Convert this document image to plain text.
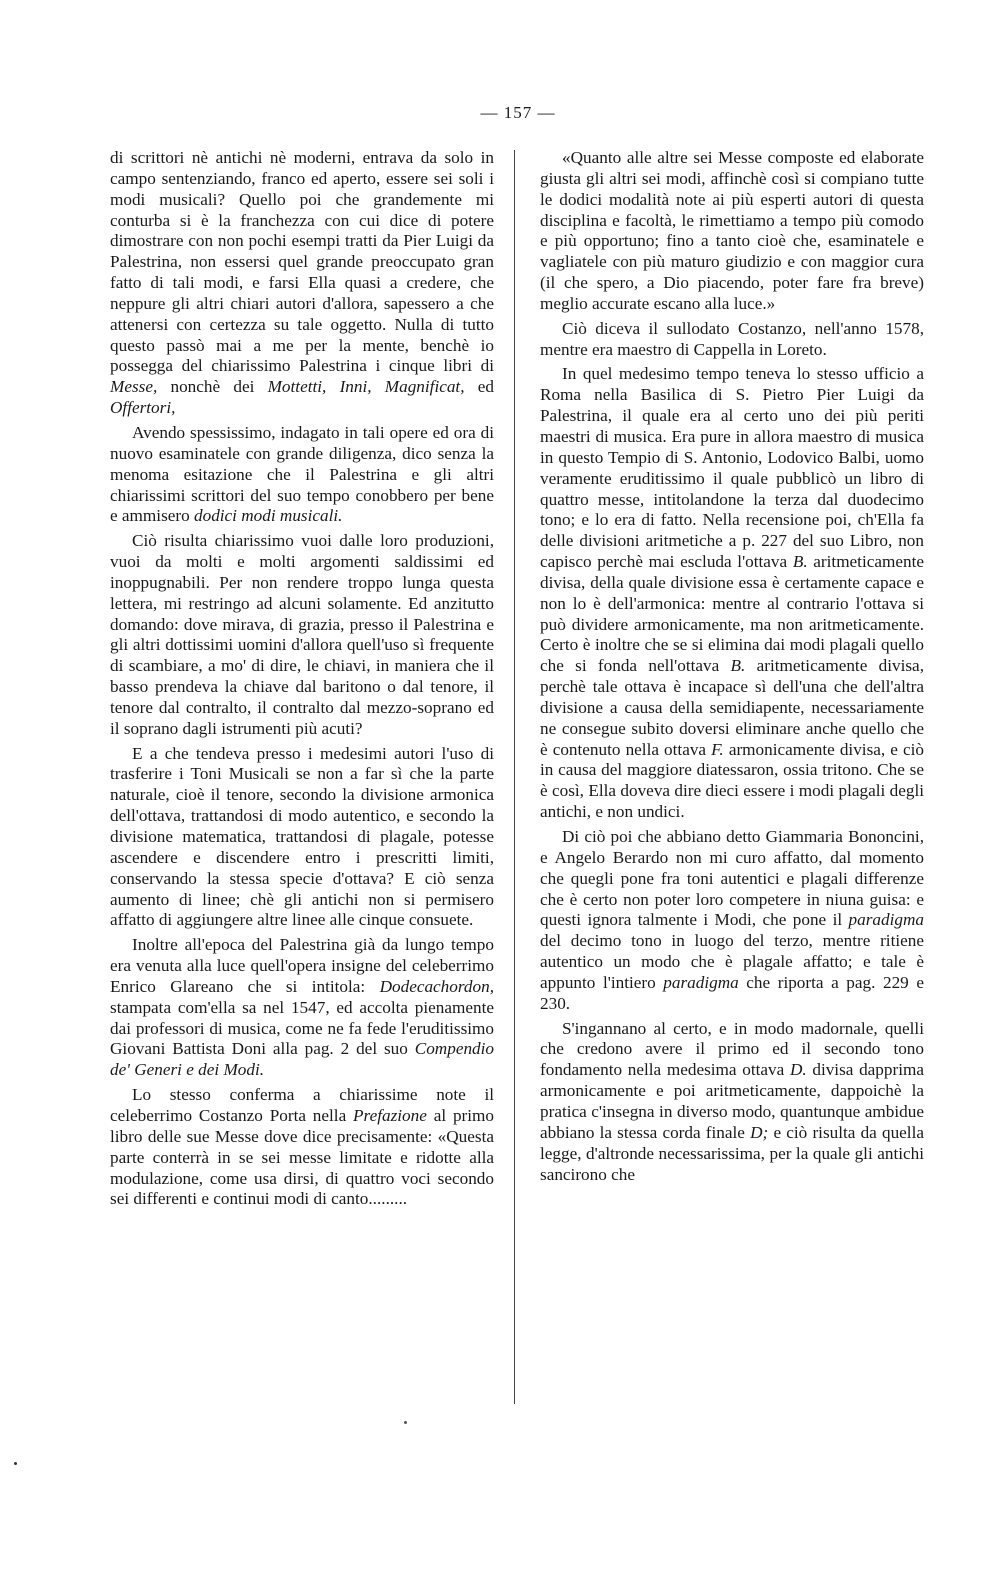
— 157 —

di scrittori nè antichi nè moderni, entrava da solo in campo sentenziando, franco ed aperto, essere sei soli i modi musicali? Quello poi che grandemente mi conturba si è la franchezza con cui dice di potere dimostrare con non pochi esempi tratti da Pier Luigi da Palestrina, non essersi quel grande preoccupato gran fatto di tali modi, e farsi Ella quasi a credere, che neppure gli altri chiari autori d'allora, sapessero a che attenersi con certezza su tale oggetto. Nulla di tutto questo passò mai a me per la mente, benchè io possegga del chiarissimo Palestrina i cinque libri di Messe, nonchè dei Mottetti, Inni, Magnificat, ed Offertori,

Avendo spessissimo, indagato in tali opere ed ora di nuovo esaminatele con grande diligenza, dico senza la menoma esitazione che il Palestrina e gli altri chiarissimi scrittori del suo tempo conobbero per bene e ammisero dodici modi musicali.

Ciò risulta chiarissimo vuoi dalle loro produzioni, vuoi da molti e molti argomenti saldissimi ed inoppugnabili. Per non rendere troppo lunga questa lettera, mi restringo ad alcuni solamente. Ed anzitutto domando: dove mirava, di grazia, presso il Palestrina e gli altri dottissimi uomini d'allora quell'uso sì frequente di scambiare, a mo' di dire, le chiavi, in maniera che il basso prendeva la chiave dal baritono o dal tenore, il tenore dal contralto, il contralto dal mezzo-soprano ed il soprano dagli istrumenti più acuti?

E a che tendeva presso i medesimi autori l'uso di trasferire i Toni Musicali se non a far sì che la parte naturale, cioè il tenore, secondo la divisione armonica dell'ottava, trattandosi di modo autentico, e secondo la divisione matematica, trattandosi di plagale, potesse ascendere e discendere entro i prescritti limiti, conservando la stessa specie d'ottava? E ciò senza aumento di linee; chè gli antichi non si permisero affatto di aggiungere altre linee alle cinque consuete.

Inoltre all'epoca del Palestrina già da lungo tempo era venuta alla luce quell'opera insigne del celeberrimo Enrico Glareano che si intitola: Dodecachordon, stampata com'ella sa nel 1547, ed accolta pienamente dai professori di musica, come ne fa fede l'eruditissimo Giovani Battista Doni alla pag. 2 del suo Compendio de' Generi e dei Modi.

Lo stesso conferma a chiarissime note il celeberrimo Costanzo Porta nella Prefazione al primo libro delle sue Messe dove dice precisamente: «Questa parte conterrà in se sei messe limitate e ridotte alla modulazione, come usa dirsi, di quattro voci secondo sei differenti e continui modi di canto.........

«Quanto alle altre sei Messe composte ed elaborate giusta gli altri sei modi, affinchè così si compiano tutte le dodici modalità note ai più esperti autori di questa disciplina e facoltà, le rimettiamo a tempo più comodo e più opportuno; fino a tanto cioè che, esaminatele e vagliatele con più maturo giudizio e con maggior cura (il che spero, a Dio piacendo, poter fare fra breve) meglio accurate escano alla luce.»

Ciò diceva il sullodato Costanzo, nell'anno 1578, mentre era maestro di Cappella in Loreto.

In quel medesimo tempo teneva lo stesso ufficio a Roma nella Basilica di S. Pietro Pier Luigi da Palestrina, il quale era al certo uno dei più periti maestri di musica. Era pure in allora maestro di musica in questo Tempio di S. Antonio, Lodovico Balbi, uomo veramente eruditissimo il quale pubblicò un libro di quattro messe, intitolandone la terza dal duodecimo tono; e lo era di fatto. Nella recensione poi, ch'Ella fa delle divisioni aritmetiche a p. 227 del suo Libro, non capisco perchè mai escluda l'ottava B. aritmeticamente divisa, della quale divisione essa è certamente capace e non lo è dell'armonica: mentre al contrario l'ottava si può dividere armonicamente, ma non aritmeticamente. Certo è inoltre che se si elimina dai modi plagali quello che si fonda nell'ottava B. aritmeticamente divisa, perchè tale ottava è incapace sì dell'una che dell'altra divisione a causa della semidiapente, necessariamente ne consegue subito doversi eliminare anche quello che è contenuto nella ottava F. armonicamente divisa, e ciò in causa del maggiore diatessaron, ossia tritono. Che se è così, Ella doveva dire dieci essere i modi plagali degli antichi, e non undici.

Di ciò poi che abbiano detto Giammaria Bononcini, e Angelo Berardo non mi curo affatto, dal momento che quegli pone fra toni autentici e plagali differenze che è certo non poter loro competere in niuna guisa: e questi ignora talmente i Modi, che pone il paradigma del decimo tono in luogo del terzo, mentre ritiene autentico un modo che è plagale affatto; e tale è appunto l'intiero paradigma che riporta a pag. 229 e 230.

S'ingannano al certo, e in modo madornale, quelli che credono avere il primo ed il secondo tono fondamento nella medesima ottava D. divisa dapprima armonicamente e poi aritmeticamente, dappoichè la pratica c'insegna in diverso modo, quantunque ambidue abbiano la stessa corda finale D; e ciò risulta da quella legge, d'altronde necessarissima, per la quale gli antichi sancirono che
